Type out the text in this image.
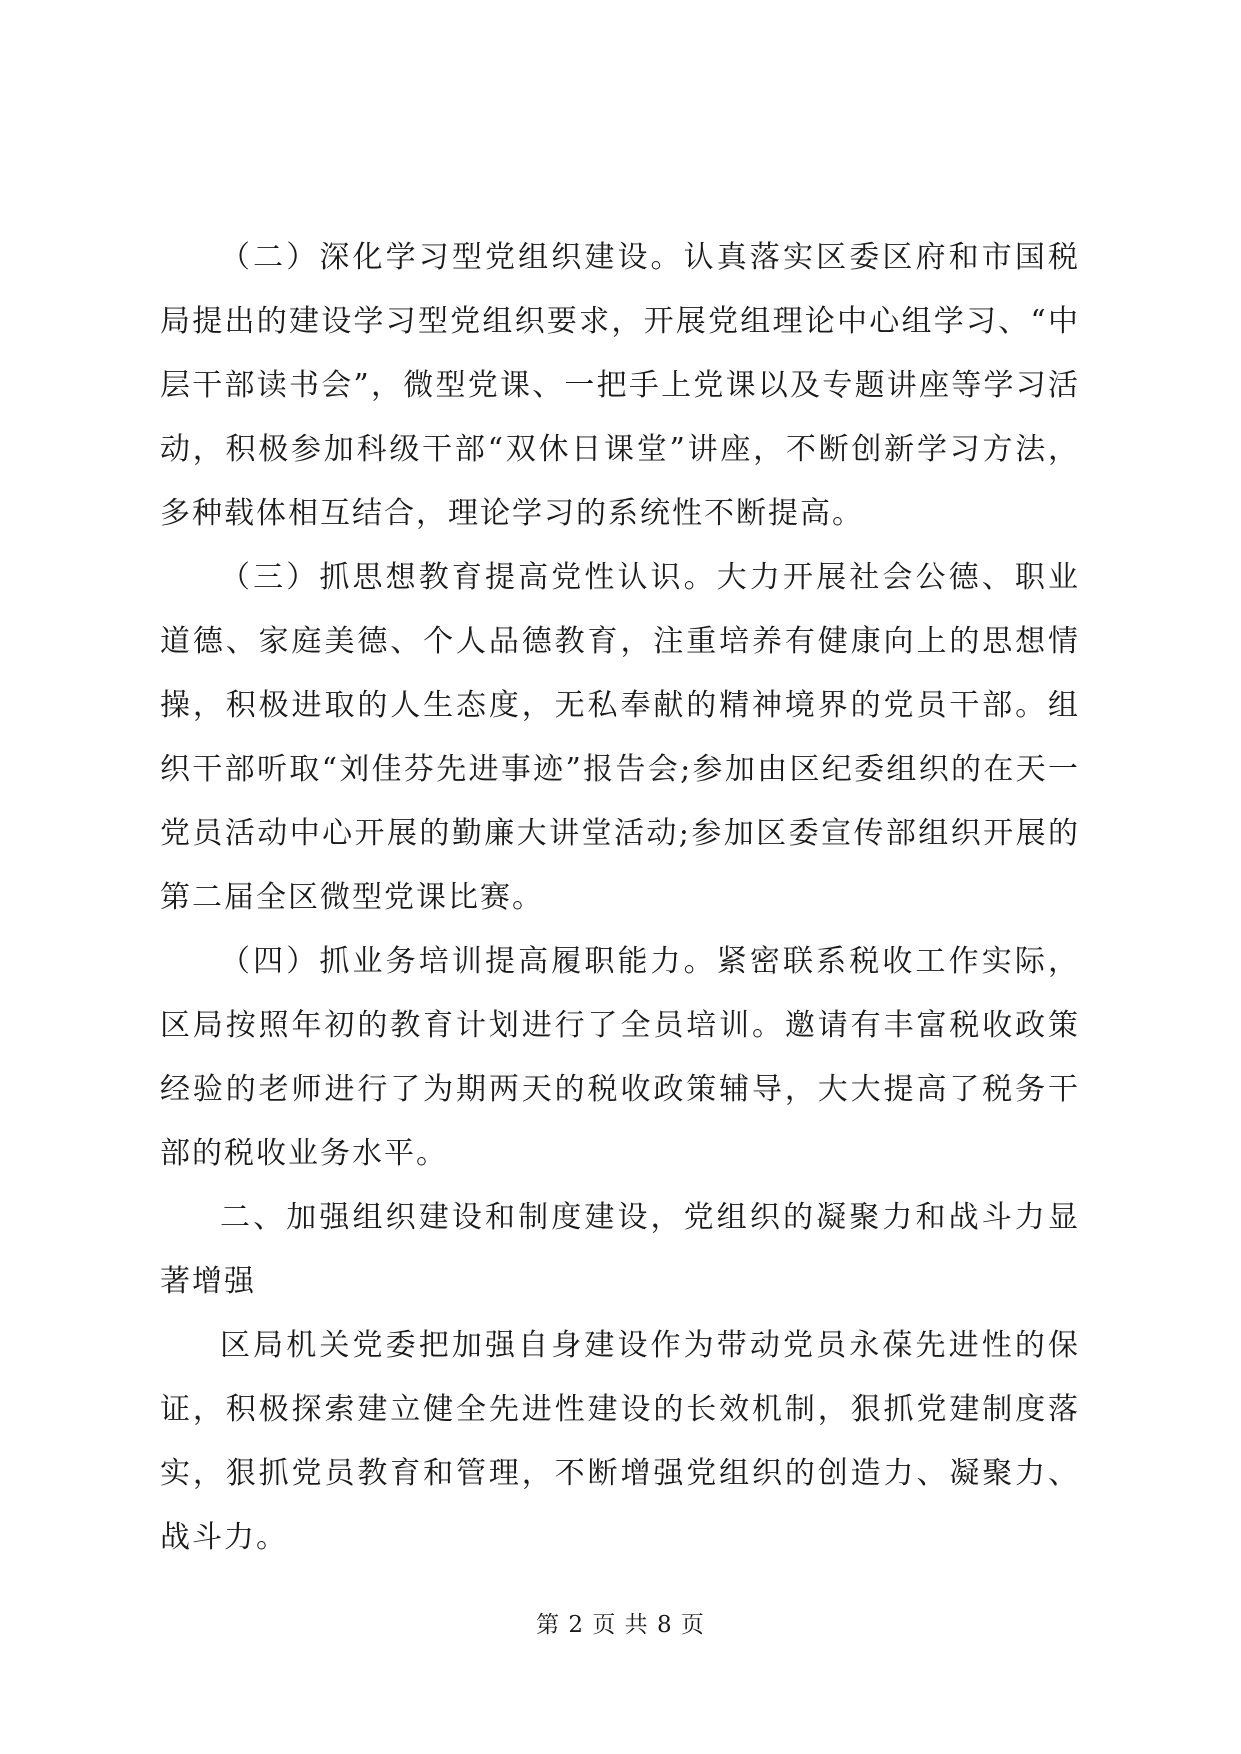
（二）深化学习型党组织建设。认真落实区委区府和市国税局提出的建设学习型党组织要求，开展党组理论中心组学习、“中层干部读书会”，微型党课、一把手上党课以及专题讲座等学习活动，积极参加科级干部“双休日课堂”讲座，不断创新学习方法，多种载体相互结合，理论学习的系统性不断提高。

（三）抓思想教育提高党性认识。大力开展社会公德、职业道德、家庭美德、个人品德教育，注重培养有健康向上的思想情操，积极进取的人生态度，无私奉献的精神境界的党员干部。组织干部听取“刘佳芬先进事迹”报告会;参加由区纪委组织的在天一党员活动中心开展的勤廉大讲堂活动;参加区委宣传部组织开展的第二届全区微型党课比赛。

（四）抓业务培训提高履职能力。紧密联系税收工作实际，区局按照年初的教育计划进行了全员培训。邀请有丰富税收政策经验的老师进行了为期两天的税收政策辅导，大大提高了税务干部的税收业务水平。

二、加强组织建设和制度建设，党组织的凝聚力和战斗力显著增强

区局机关党委把加强自身建设作为带动党员永葆先进性的保证，积极探索建立健全先进性建设的长效机制，狠抓党建制度落实，狠抓党员教育和管理，不断增强党组织的创造力、凝聚力、战斗力。

第 2 页 共 8 页
